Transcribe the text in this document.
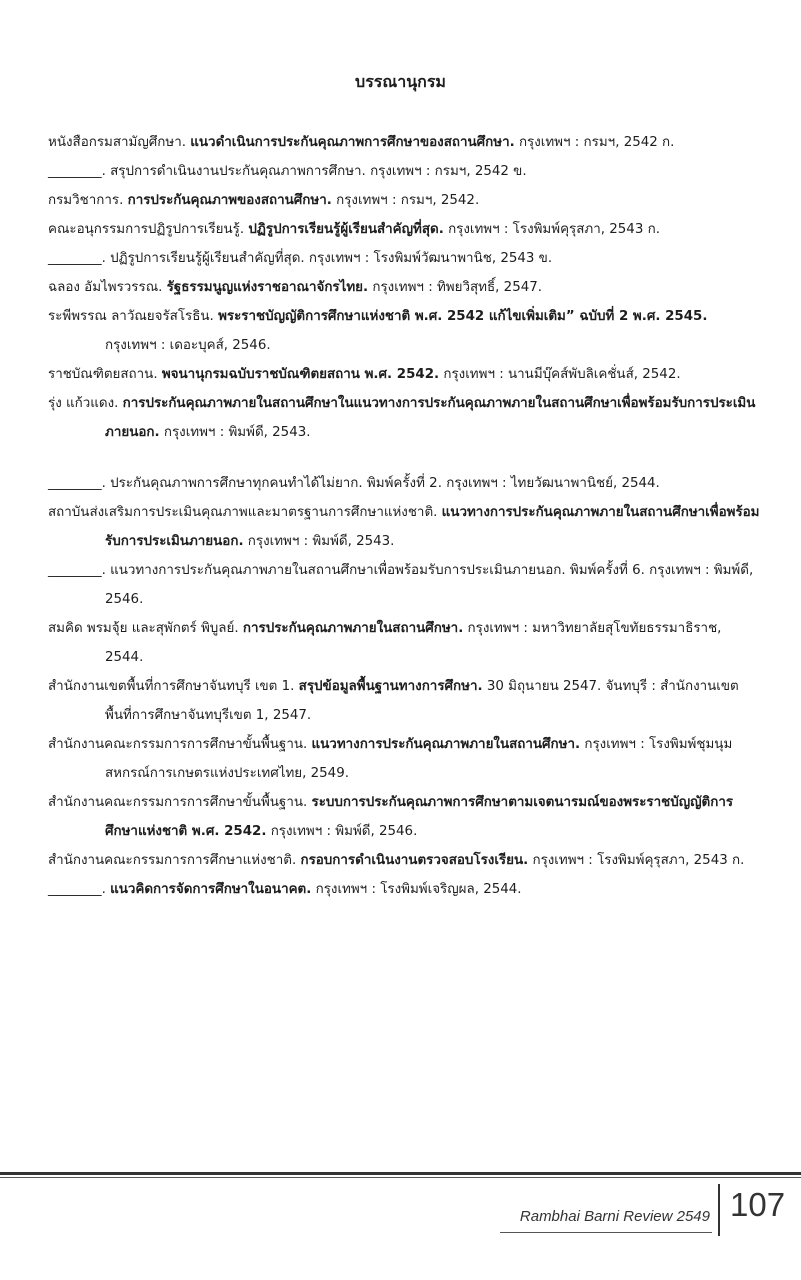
บรรณานุกรม
หนังสือกรมสามัญศึกษา. แนวดำเนินการประกันคุณภาพการศึกษาของสถานศึกษา. กรุงเทพฯ : กรมฯ, 2542 ก.
________. สรุปการดำเนินงานประกันคุณภาพการศึกษา. กรุงเทพฯ : กรมฯ, 2542 ข.
กรมวิชาการ. การประกันคุณภาพของสถานศึกษา. กรุงเทพฯ : กรมฯ, 2542.
คณะอนุกรรมการปฏิรูปการเรียนรู้. ปฏิรูปการเรียนรู้ผู้เรียนสำคัญที่สุด. กรุงเทพฯ : โรงพิมพ์คุรุสภา, 2543 ก.
________. ปฏิรูปการเรียนรู้ผู้เรียนสำคัญที่สุด. กรุงเทพฯ : โรงพิมพ์วัฒนาพานิช, 2543 ข.
ฉลอง อัมไพรวรรณ. รัฐธรรมนูญแห่งราชอาณาจักรไทย. กรุงเทพฯ : ทิพยวิสุทธิ์, 2547.
ระพีพรรณ ลาวัณยจรัสโรธิน. พระราชบัญญัติการศึกษาแห่งชาติ พ.ศ. 2542 แก้ไขเพิ่มเติม” ฉบับที่ 2 พ.ศ. 2545. กรุงเทพฯ : เดอะบุคส์, 2546.
ราชบัณฑิตยสถาน. พจนานุกรมฉบับราชบัณฑิตยสถาน พ.ศ. 2542. กรุงเทพฯ : นานมีบุ๊คส์พับลิเคชั่นส์, 2542.
รุ่ง แก้วแดง. การประกันคุณภาพภายในสถานศึกษาในแนวทางการประกันคุณภาพภายในสถานศึกษาเพื่อพร้อมรับการประเมินภายนอก. กรุงเทพฯ : พิมพ์ดี, 2543.
________. ประกันคุณภาพการศึกษาทุกคนทำได้ไม่ยาก. พิมพ์ครั้งที่ 2. กรุงเทพฯ : ไทยวัฒนาพานิชย์, 2544.
สถาบันส่งเสริมการประเมินคุณภาพและมาตรฐานการศึกษาแห่งชาติ. แนวทางการประกันคุณภาพภายในสถานศึกษาเพื่อพร้อมรับการประเมินภายนอก. กรุงเทพฯ : พิมพ์ดี, 2543.
________. แนวทางการประกันคุณภาพภายในสถานศึกษาเพื่อพร้อมรับการประเมินภายนอก. พิมพ์ครั้งที่ 6. กรุงเทพฯ : พิมพ์ดี, 2546.
สมคิด พรมจุ้ย และสุพักตร์ พิบูลย์. การประกันคุณภาพภายในสถานศึกษา. กรุงเทพฯ : มหาวิทยาลัยสุโขทัยธรรมาธิราช, 2544.
สำนักงานเขตพื้นที่การศึกษาจันทบุรี เขต 1. สรุปข้อมูลพื้นฐานทางการศึกษา. 30 มิถุนายน 2547. จันทบุรี : สำนักงานเขตพื้นที่การศึกษาจันทบุรีเขต 1, 2547.
สำนักงานคณะกรรมการการศึกษาขั้นพื้นฐาน. แนวทางการประกันคุณภาพภายในสถานศึกษา. กรุงเทพฯ : โรงพิมพ์ชุมนุมสหกรณ์การเกษตรแห่งประเทศไทย, 2549.
สำนักงานคณะกรรมการการศึกษาขั้นพื้นฐาน. ระบบการประกันคุณภาพการศึกษาตามเจตนารมณ์ของพระราชบัญญัติการศึกษาแห่งชาติ พ.ศ. 2542. กรุงเทพฯ : พิมพ์ดี, 2546.
สำนักงานคณะกรรมการการศึกษาแห่งชาติ. กรอบการดำเนินงานตรวจสอบโรงเรียน. กรุงเทพฯ : โรงพิมพ์คุรุสภา, 2543 ก.
________. แนวคิดการจัดการศึกษาในอนาคต. กรุงเทพฯ : โรงพิมพ์เจริญผล, 2544.
Rambhai Barni Review 2549 107
